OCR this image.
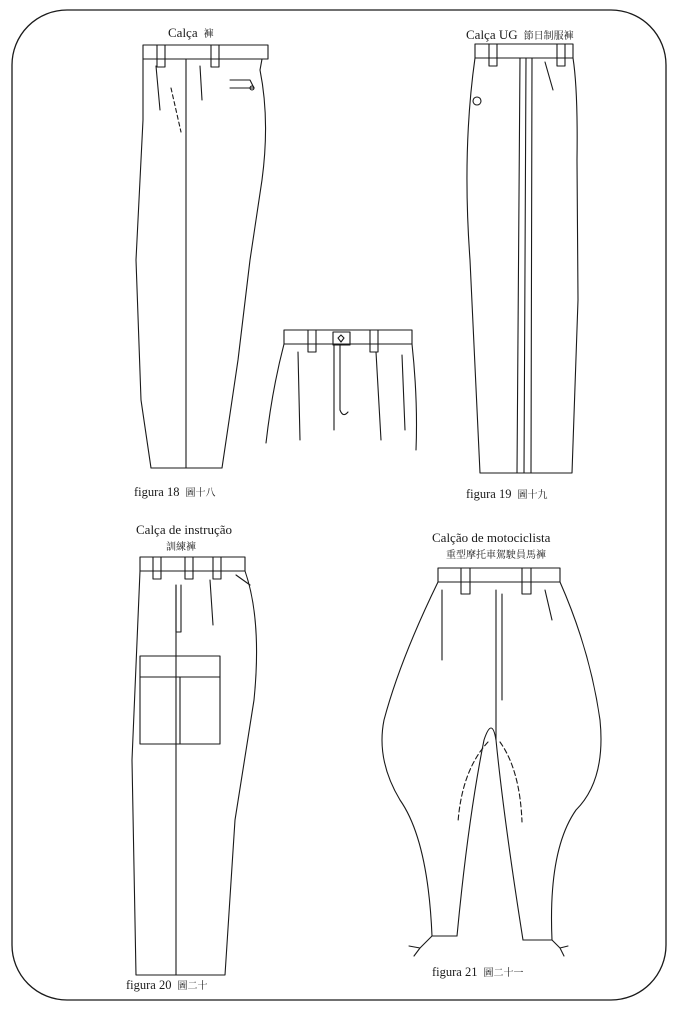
Calça 褲	Calça UG 節日制服褲
Calça de instrução
訓練褲
Calção de motociclista
重型摩托車駕駛員馬褲
figura 18 圖十八	figura 19 圖十九
figura 20 圖二十
figura 21 圖二十一
